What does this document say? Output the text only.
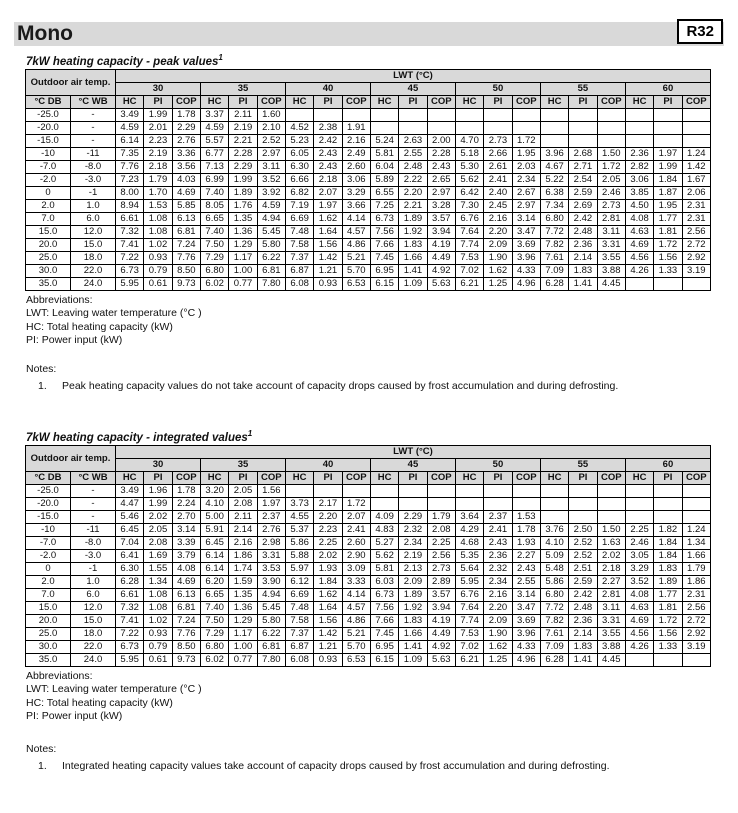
Mono	R32
7kW heating capacity - peak values$^1$
Outdoor air temp.		LWT (°C)																				
		30			35			40			45			50			55			60		
°C DB	°C WB	HC	PI	COP	HC	PI	COP	HC	PI	COP	HC	PI	COP	HC	PI	COP	HC	PI	COP	HC	PI	COP
-25.0	-	3.49	1.99	1.78	3.37	2.11	1.60															
-20.0	-	4.59	2.01	2.29	4.59	2.19	2.10	4.52	2.38	1.91												
-15.0	-	6.14	2.23	2.76	5.57	2.21	2.52	5.23	2.42	2.16	5.24	2.63	2.00	4.70	2.73	1.72						
-10	-11	7.35	2.19	3.36	6.77	2.28	2.97	6.05	2.43	2.49	5.81	2.55	2.28	5.18	2.66	1.95	3.96	2.68	1.50	2.36	1.97	1.24
-7.0	-8.0	7.76	2.18	3.56	7.13	2.29	3.11	6.30	2.43	2.60	6.04	2.48	2.43	5.30	2.61	2.03	4.67	2.71	1.72	2.82	1.99	1.42
-2.0	-3.0	7.23	1.79	4.03	6.99	1.99	3.52	6.66	2.18	3.06	5.89	2.22	2.65	5.62	2.41	2.34	5.22	2.54	2.05	3.06	1.84	1.67
0	-1	8.00	1.70	4.69	7.40	1.89	3.92	6.82	2.07	3.29	6.55	2.20	2.97	6.42	2.40	2.67	6.38	2.59	2.46	3.85	1.87	2.06
2.0	1.0	8.94	1.53	5.85	8.05	1.76	4.59	7.19	1.97	3.66	7.25	2.21	3.28	7.30	2.45	2.97	7.34	2.69	2.73	4.50	1.95	2.31
7.0	6.0	6.61	1.08	6.13	6.65	1.35	4.94	6.69	1.62	4.14	6.73	1.89	3.57	6.76	2.16	3.14	6.80	2.42	2.81	4.08	1.77	2.31
15.0	12.0	7.32	1.08	6.81	7.40	1.36	5.45	7.48	1.64	4.57	7.56	1.92	3.94	7.64	2.20	3.47	7.72	2.48	3.11	4.63	1.81	2.56
20.0	15.0	7.41	1.02	7.24	7.50	1.29	5.80	7.58	1.56	4.86	7.66	1.83	4.19	7.74	2.09	3.69	7.82	2.36	3.31	4.69	1.72	2.72
25.0	18.0	7.22	0.93	7.76	7.29	1.17	6.22	7.37	1.42	5.21	7.45	1.66	4.49	7.53	1.90	3.96	7.61	2.14	3.55	4.56	1.56	2.92
30.0	22.0	6.73	0.79	8.50	6.80	1.00	6.81	6.87	1.21	5.70	6.95	1.41	4.92	7.02	1.62	4.33	7.09	1.83	3.88	4.26	1.33	3.19
35.0	24.0	5.95	0.61	9.73	6.02	0.77	7.80	6.08	0.93	6.53	6.15	1.09	5.63	6.21	1.25	4.96	6.28	1.41	4.45			
Abbreviations:
LWT: Leaving water temperature (°C )
HC: Total heating capacity (kW)
PI: Power input (kW)
Notes:
1.	Peak heating capacity values do not take account of capacity drops caused by frost accumulation and during defrosting.
7kW heating capacity - integrated values$^1$
Outdoor air temp.		LWT (°C)																				
		30			35			40			45			50			55			60		
°C DB	°C WB	HC	PI	COP	HC	PI	COP	HC	PI	COP	HC	PI	COP	HC	PI	COP	HC	PI	COP	HC	PI	COP
-25.0	-	3.49	1.96	1.78	3.20	2.05	1.56															
-20.0	-	4.47	1.99	2.24	4.10	2.08	1.97	3.73	2.17	1.72												
-15.0	-	5.46	2.02	2.70	5.00	2.11	2.37	4.55	2.20	2.07	4.09	2.29	1.79	3.64	2.37	1.53						
-10	-11	6.45	2.05	3.14	5.91	2.14	2.76	5.37	2.23	2.41	4.83	2.32	2.08	4.29	2.41	1.78	3.76	2.50	1.50	2.25	1.82	1.24
-7.0	-8.0	7.04	2.08	3.39	6.45	2.16	2.98	5.86	2.25	2.60	5.27	2.34	2.25	4.68	2.43	1.93	4.10	2.52	1.63	2.46	1.84	1.34
-2.0	-3.0	6.41	1.69	3.79	6.14	1.86	3.31	5.88	2.02	2.90	5.62	2.19	2.56	5.35	2.36	2.27	5.09	2.52	2.02	3.05	1.84	1.66
0	-1	6.30	1.55	4.08	6.14	1.74	3.53	5.97	1.93	3.09	5.81	2.13	2.73	5.64	2.32	2.43	5.48	2.51	2.18	3.29	1.83	1.79
2.0	1.0	6.28	1.34	4.69	6.20	1.59	3.90	6.12	1.84	3.33	6.03	2.09	2.89	5.95	2.34	2.55	5.86	2.59	2.27	3.52	1.89	1.86
7.0	6.0	6.61	1.08	6.13	6.65	1.35	4.94	6.69	1.62	4.14	6.73	1.89	3.57	6.76	2.16	3.14	6.80	2.42	2.81	4.08	1.77	2.31
15.0	12.0	7.32	1.08	6.81	7.40	1.36	5.45	7.48	1.64	4.57	7.56	1.92	3.94	7.64	2.20	3.47	7.72	2.48	3.11	4.63	1.81	2.56
20.0	15.0	7.41	1.02	7.24	7.50	1.29	5.80	7.58	1.56	4.86	7.66	1.83	4.19	7.74	2.09	3.69	7.82	2.36	3.31	4.69	1.72	2.72
25.0	18.0	7.22	0.93	7.76	7.29	1.17	6.22	7.37	1.42	5.21	7.45	1.66	4.49	7.53	1.90	3.96	7.61	2.14	3.55	4.56	1.56	2.92
30.0	22.0	6.73	0.79	8.50	6.80	1.00	6.81	6.87	1.21	5.70	6.95	1.41	4.92	7.02	1.62	4.33	7.09	1.83	3.88	4.26	1.33	3.19
35.0	24.0	5.95	0.61	9.73	6.02	0.77	7.80	6.08	0.93	6.53	6.15	1.09	5.63	6.21	1.25	4.96	6.28	1.41	4.45			
Abbreviations:
LWT: Leaving water temperature (°C )
HC: Total heating capacity (kW)
PI: Power input (kW)
Notes:
1.	Integrated heating capacity values take account of capacity drops caused by frost accumulation and during defrosting.
